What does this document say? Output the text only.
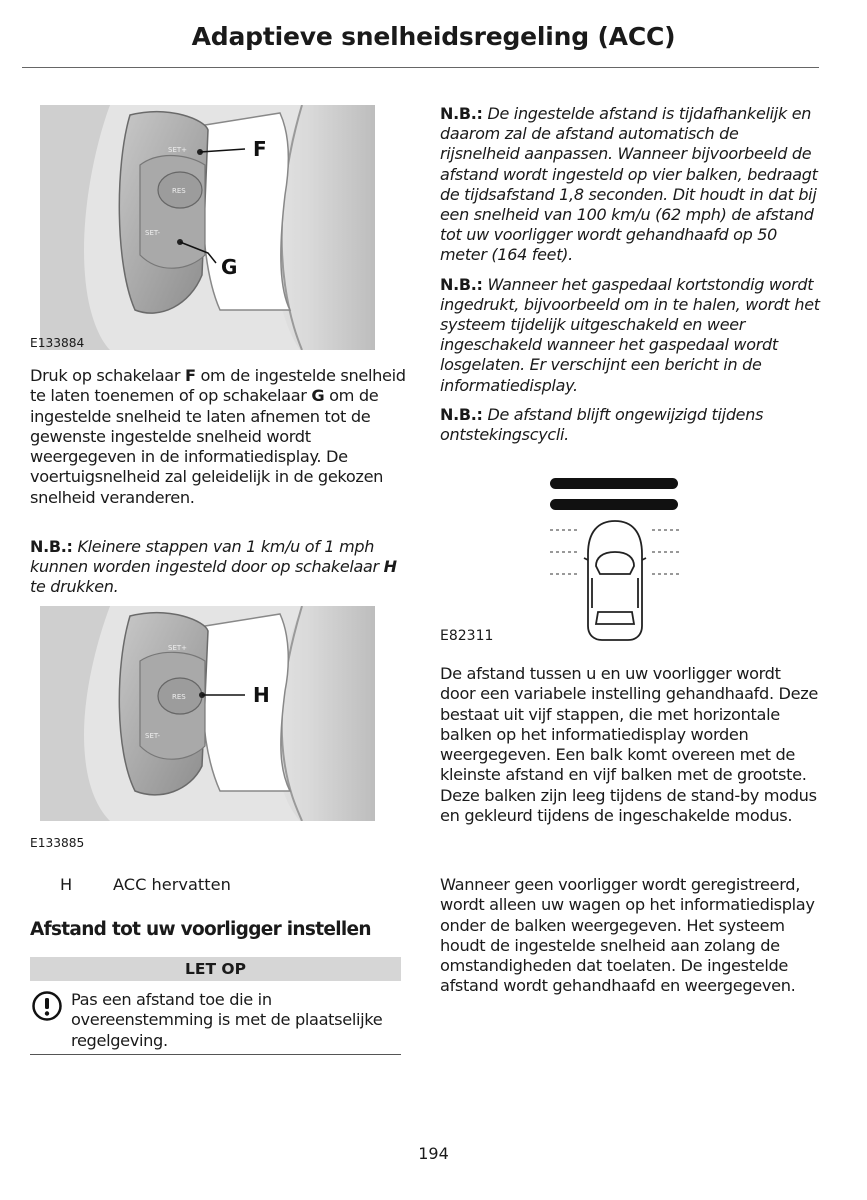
Adaptieve snelheidsregeling (ACC)
SET+
RES
SET-
F
G
E133884

Druk op schakelaar F om de ingestelde snelheid te laten toenemen of op schakelaar G om de ingestelde snelheid te laten afnemen tot de gewenste ingestelde snelheid wordt weergegeven in de informatiedisplay. De voertuigsnelheid zal geleidelijk in de gekozen snelheid veranderen.

N.B.: Kleinere stappen van 1 km/u of 1 mph kunnen worden ingesteld door op schakelaar H te drukken.

SET+
RES
SET-
H
E133885
H	ACC hervatten
Afstand tot uw voorligger instellen
LET OP
Pas een afstand toe die in overeenstemming is met de plaatselijke regelgeving.

N.B.: De ingestelde afstand is tijdafhankelijk en daarom zal de afstand automatisch de rijsnelheid aanpassen. Wanneer bijvoorbeeld de afstand wordt ingesteld op vier balken, bedraagt de tijdsafstand 1,8 seconden. Dit houdt in dat bij een snelheid van 100 km/u (62 mph) de afstand tot uw voorligger wordt gehandhaafd op 50 meter (164 feet).

N.B.: Wanneer het gaspedaal kortstondig wordt ingedrukt, bijvoorbeeld om in te halen, wordt het systeem tijdelijk uitgeschakeld en weer ingeschakeld wanneer het gaspedaal wordt losgelaten. Er verschijnt een bericht in de informatiedisplay.

N.B.: De afstand blijft ongewijzigd tijdens ontstekingscycli.

E82311

De afstand tussen u en uw voorligger wordt door een variabele instelling gehandhaafd. Deze bestaat uit vijf stappen, die met horizontale balken op het informatiedisplay worden weergegeven. Een balk komt overeen met de kleinste afstand en vijf balken met de grootste. Deze balken zijn leeg tijdens de stand-by modus en gekleurd tijdens de ingeschakelde modus.

Wanneer geen voorligger wordt geregistreerd, wordt alleen uw wagen op het informatiedisplay onder de balken weergegeven. Het systeem houdt de ingestelde snelheid aan zolang de omstandigheden dat toelaten. De ingestelde afstand wordt gehandhaafd en weergegeven.

194
